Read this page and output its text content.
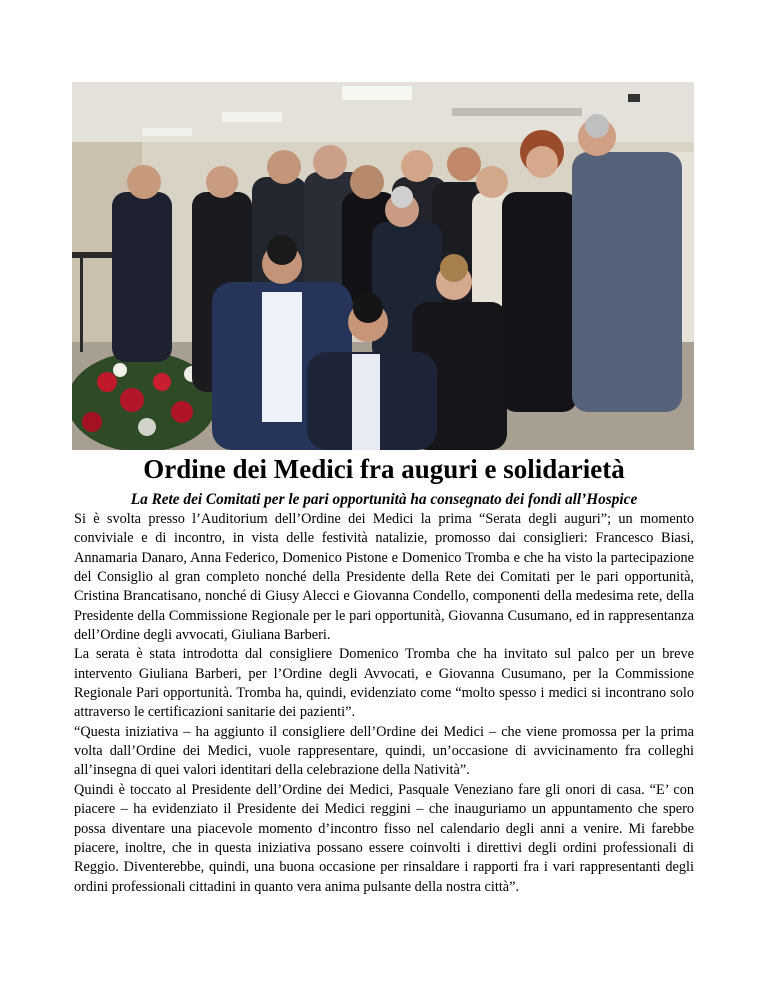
Ordine dei Medici fra auguri e solidarietà
La Rete dei Comitati per le pari opportunità ha consegnato dei fondi all’Hospice

Si è svolta presso l’Auditorium dell’Ordine dei Medici la prima “Serata degli auguri”; un momento conviviale e di incontro, in vista delle festività natalizie, promosso dai consiglieri: Francesco Biasi, Annamaria Danaro, Anna Federico, Domenico Pistone e Domenico Tromba e che ha visto la partecipazione del Consiglio al gran completo nonché della Presidente della Rete dei Comitati per le pari opportunità, Cristina Brancatisano, nonché di Giusy Alecci e Giovanna Condello, componenti della medesima rete, della Presidente della Commissione Regionale per le pari opportunità, Giovanna Cusumano, ed in rappresentanza dell’Ordine degli avvocati, Giuliana Barberi.

La serata è stata introdotta dal consigliere Domenico Tromba che ha invitato sul palco per un breve intervento Giuliana Barberi, per l’Ordine degli Avvocati, e Giovanna Cusumano, per la Commissione Regionale Pari opportunità. Tromba ha, quindi, evidenziato come “molto spesso i medici si incontrano solo attraverso le certificazioni sanitarie dei pazienti”.

“Questa iniziativa – ha aggiunto il consigliere dell’Ordine dei Medici – che viene promossa per la prima volta dall’Ordine dei Medici, vuole rappresentare, quindi, un’occasione di avvicinamento fra colleghi all’insegna di quei valori identitari della celebrazione della Natività”.

Quindi è toccato al Presidente dell’Ordine dei Medici, Pasquale Veneziano fare gli onori di casa. “E’ con piacere – ha evidenziato il Presidente dei Medici reggini – che inauguriamo un appuntamento che spero possa diventare una piacevole momento d’incontro fisso nel calendario degli anni a venire. Mi farebbe piacere, inoltre, che in questa iniziativa possano essere coinvolti i direttivi degli ordini professionali di Reggio. Diventerebbe, quindi, una buona occasione per rinsaldare i rapporti fra i vari rappresentanti degli ordini professionali cittadini in quanto vera anima pulsante della nostra città”.
